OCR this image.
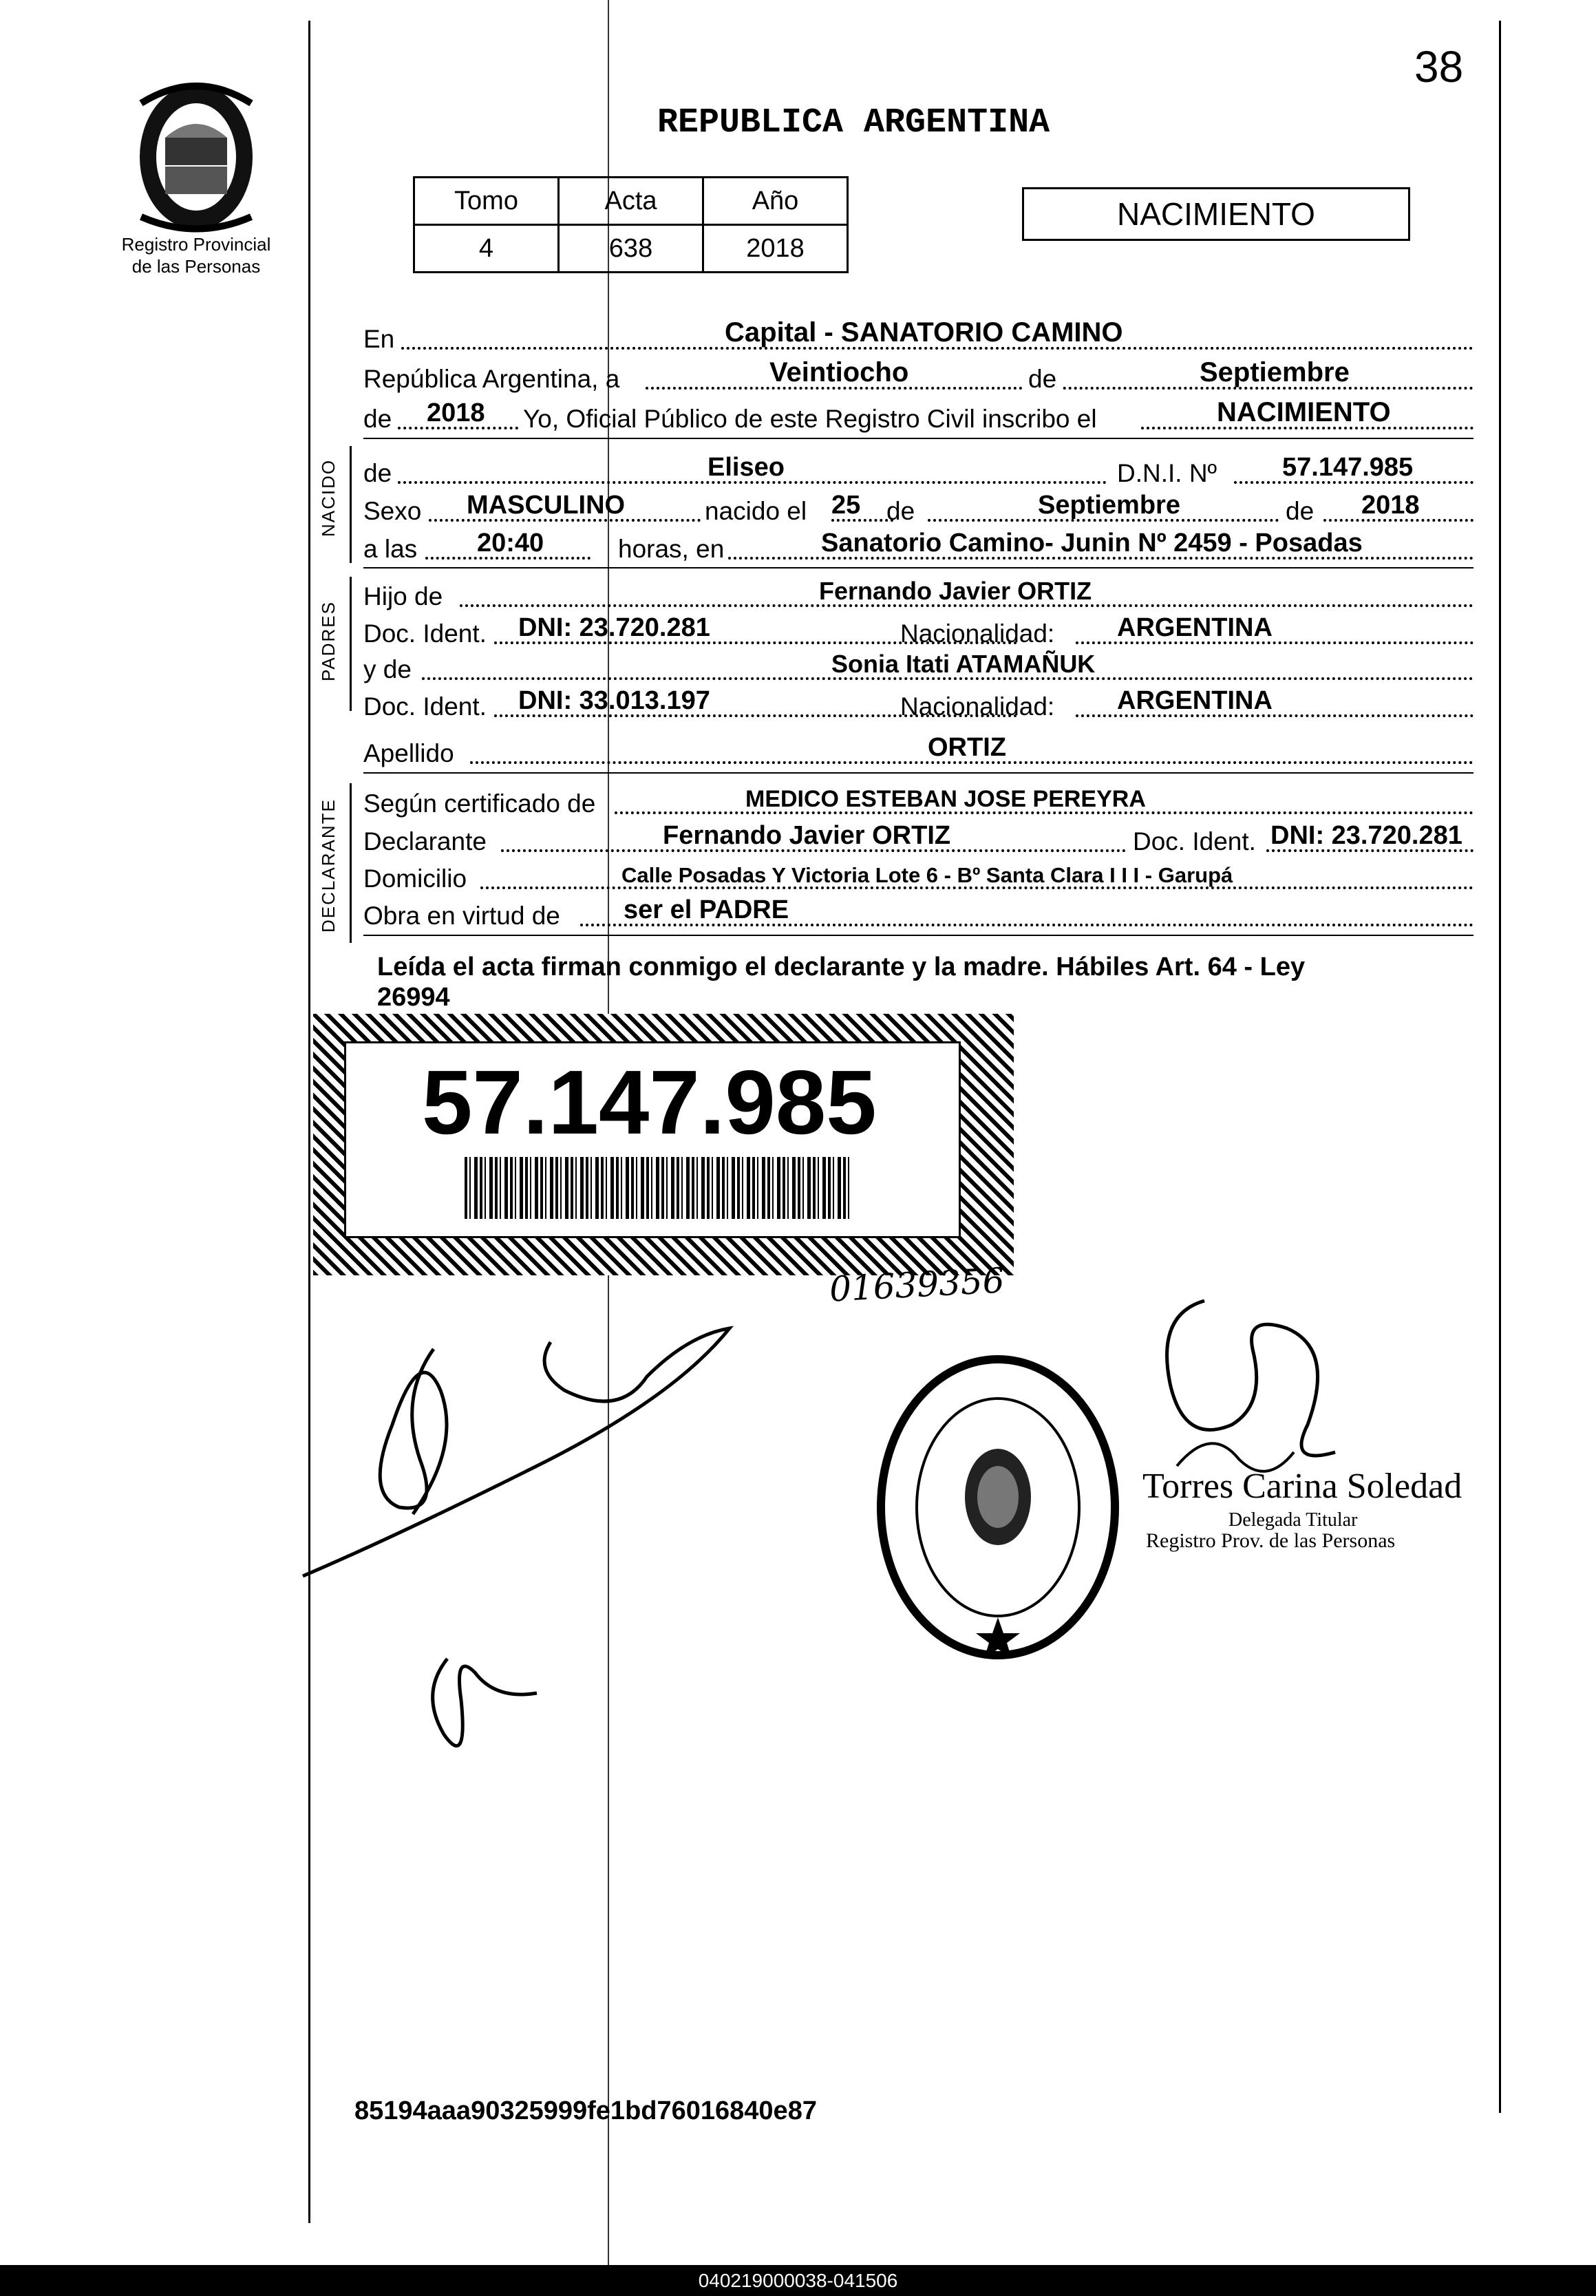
Registro Provincial
de las Personas
38
REPUBLICA ARGENTINA
Tomo	Acta	Año
4	638	2018
NACIMIENTO
En	Capital - SANATORIO CAMINO
República Argentina, a	Veintiocho	de	Septiembre
de 2018 Yo, Oficial Público de este Registro Civil inscribo el	NACIMIENTO
NACIDO de	Eliseo	D.N.I. Nº 57.147.985
Sexo MASCULINO	nacido el 25 de	Septiembre	de 2018
a las 20:40	horas, en	Sanatorio Camino- Junin Nº 2459 - Posadas
PADRES
Hijo de	Fernando Javier ORTIZ
Doc. Ident. DNI: 23.720.281	Nacionalidad: ARGENTINA
y de	Sonia Itati ATAMAÑUK
Doc. Ident. DNI: 33.013.197	Nacionalidad: ARGENTINA
Apellido	ORTIZ
DECLARANTE Según certificado de	MEDICO ESTEBAN JOSE PEREYRA
Declarante	Fernando Javier ORTIZ	Doc. Ident. DNI: 23.720.281
Domicilio	Calle Posadas Y Victoria Lote 6 - Bº Santa Clara I I I - Garupá
Obra en virtud de ser el PADRE
Leída el acta firman conmigo el declarante y la madre. Hábiles Art. 64 - Ley
26994
57.147.985
01639356
Torres Carina Soledad
Delegada Titular
Registro Prov. de las Personas
85194aaa90325999fe1bd76016840e87
040219000038-041506
